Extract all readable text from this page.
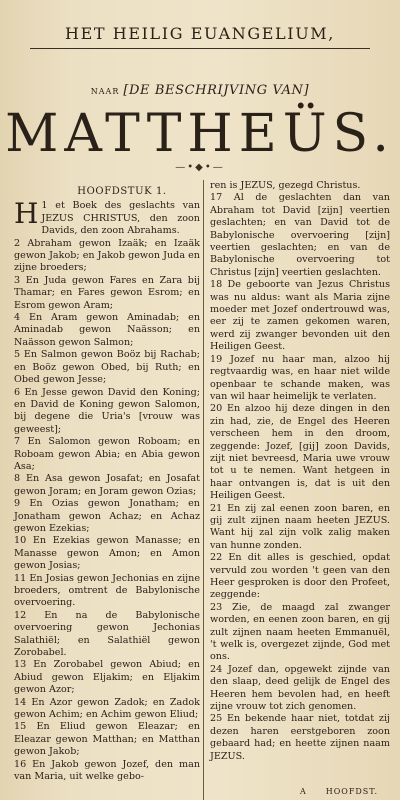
HET HEILIG EUANGELIUM,
NAAR [DE BESCHRIJVING VAN]
MATTHEÜS.
—•◆•—
HOOFDSTUK 1.
H 1 et Boek des geslachts van JEZUS CHRISTUS, den zoon Davids, den zoon Abrahams.

2 Abraham gewon Izaäk; en Izaäk gewon Jakob; en Jakob gewon Juda en zijne broeders;

3 En Juda gewon Fares en Zara bij Thamar; en Fares gewon Esrom; en Esrom gewon Aram;

4 En Aram gewon Aminadab; en Aminadab gewon Naässon; en Naässon gewon Salmon;

5 En Salmon gewon Boöz bij Rachab; en Boöz gewon Obed, bij Ruth; en Obed gewon Jesse;

6 En Jesse gewon David den Koning; en David de Koning gewon Salomon, bij degene die Uria's [vrouw was geweest];

7 En Salomon gewon Roboam; en Roboam gewon Abia; en Abia gewon Asa;

8 En Asa gewon Josafat; en Josafat gewon Joram; en Joram gewon Ozias;

9 En Ozias gewon Jonatham; en Jonatham gewon Achaz; en Achaz gewon Ezekias;

10 En Ezekias gewon Manasse; en Manasse gewon Amon; en Amon gewon Josias;

11 En Josias gewon Jechonias en zijne broeders, omtrent de Babylonische overvoering.

12 En na de Babylonische overvoering gewon Jechonias Salathiël; en Salathiël gewon Zorobabel.

13 En Zorobabel gewon Abiud; en Abiud gewon Eljakim; en Eljakim gewon Azor;

14 En Azor gewon Zadok; en Zadok gewon Achim; en Achim gewon Eliud;

15 En Eliud gewon Eleazar; en Eleazar gewon Matthan; en Matthan gewon Jakob;

16 En Jakob gewon Jozef, den man van Maria, uit welke gebo-

ren is JEZUS, gezegd Christus.

17 Al de geslachten dan van Abraham tot David [zijn] veertien geslachten; en van David tot de Babylonische overvoering [zijn] veertien geslachten; en van de Babylonische overvoering tot Christus [zijn] veertien geslachten.

18 De geboorte van Jezus Christus was nu aldus: want als Maria zijne moeder met Jozef ondertrouwd was, eer zij te zamen gekomen waren, werd zij zwanger bevonden uit den Heiligen Geest.

19 Jozef nu haar man, alzoo hij regtvaardig was, en haar niet wilde openbaar te schande maken, was van wil haar heimelijk te verlaten.

20 En alzoo hij deze dingen in den zin had, zie, de Engel des Heeren verscheen hem in den droom, zeggende: Jozef, [gij] zoon Davids, zijt niet bevreesd, Maria uwe vrouw tot u te nemen. Want hetgeen in haar ontvangen is, dat is uit den Heiligen Geest.

21 En zij zal eenen zoon baren, en gij zult zijnen naam heeten JEZUS. Want hij zal zijn volk zalig maken van hunne zonden.

22 En dit alles is geschied, opdat vervuld zou worden 't geen van den Heer gesproken is door den Profeet, zeggende:

23 Zie, de maagd zal zwanger worden, en eenen zoon baren, en gij zult zijnen naam heeten Emmanuël, 't welk is, overgezet zijnde, God met ons.

24 Jozef dan, opgewekt zijnde van den slaap, deed gelijk de Engel des Heeren hem bevolen had, en heeft zijne vrouw tot zich genomen.

25 En bekende haar niet, totdat zij dezen haren eerstgeboren zoon gebaard had; en heette zijnen naam JEZUS.

A HOOFDST.
